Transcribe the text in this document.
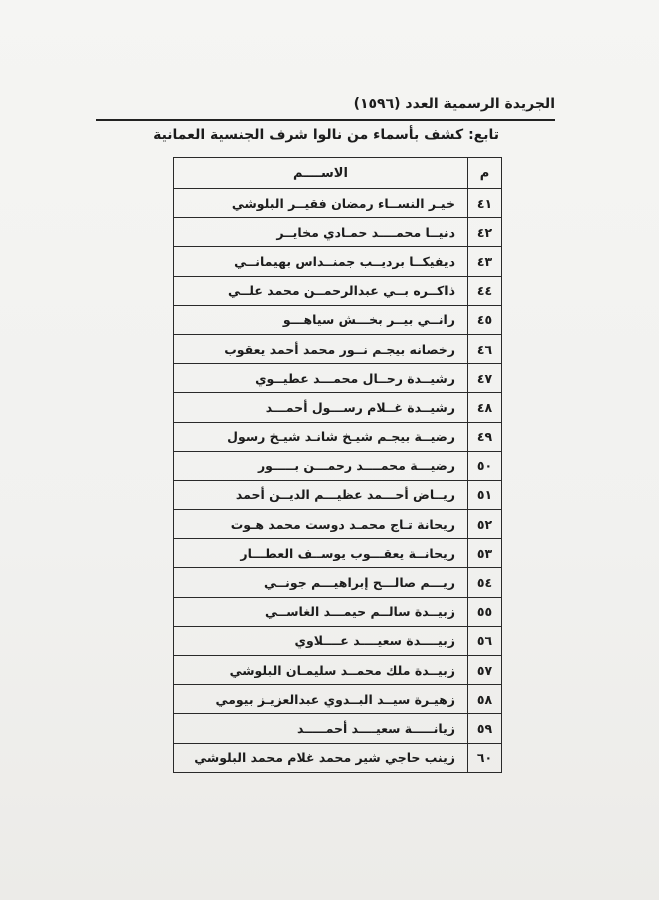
الجريدة الرسمية العدد (١٥٩٦)
تابع: كشف بأسماء من نالوا شرف الجنسية العمانية
م	الاســــم
٤١	خيـر النســاء رمضان فقيــر البلوشي
٤٢	دنيــا محمــــد حمـادي مخايــر
٤٣	ديفيكــا برديــب جمنــداس بهيمانــي
٤٤	ذاكــره بــي عبدالرحمــن محمد علــي
٤٥	رانــي بيــر بخـــش سياهـــو
٤٦	رخصانه بيجـم نــور محمد أحمد يعقوب
٤٧	رشيــدة رحــال محمـــد عطيــوي
٤٨	رشيــدة غــلام رســـول أحمـــد
٤٩	رضيــة بيجـم شيـخ شانـد شيـخ رسول
٥٠	رضيـــة محمــــد رحمـــن بـــــور
٥١	ريــاض أحـــمد عظيـــم الديــن أحمد
٥٢	ريحانة تـاج محمـد دوست محمد هـوت
٥٣	ريحانــة يعقـــوب يوســف العطـــار
٥٤	ريـــم صالـــح إبراهيـــم جونــي
٥٥	زبيــدة سالــم حيمـــد الغاســي
٥٦	زبيــــدة سعيــــد عــــلاوي
٥٧	زبيــدة ملك محمــد سليمـان البلوشي
٥٨	زهيـرة سيــد البــدوي عبدالعزيـز بيومي
٥٩	زيانـــــة سعيــــد أحمـــــد
٦٠	زينب حاجي شير محمد غلام محمد البلوشي
